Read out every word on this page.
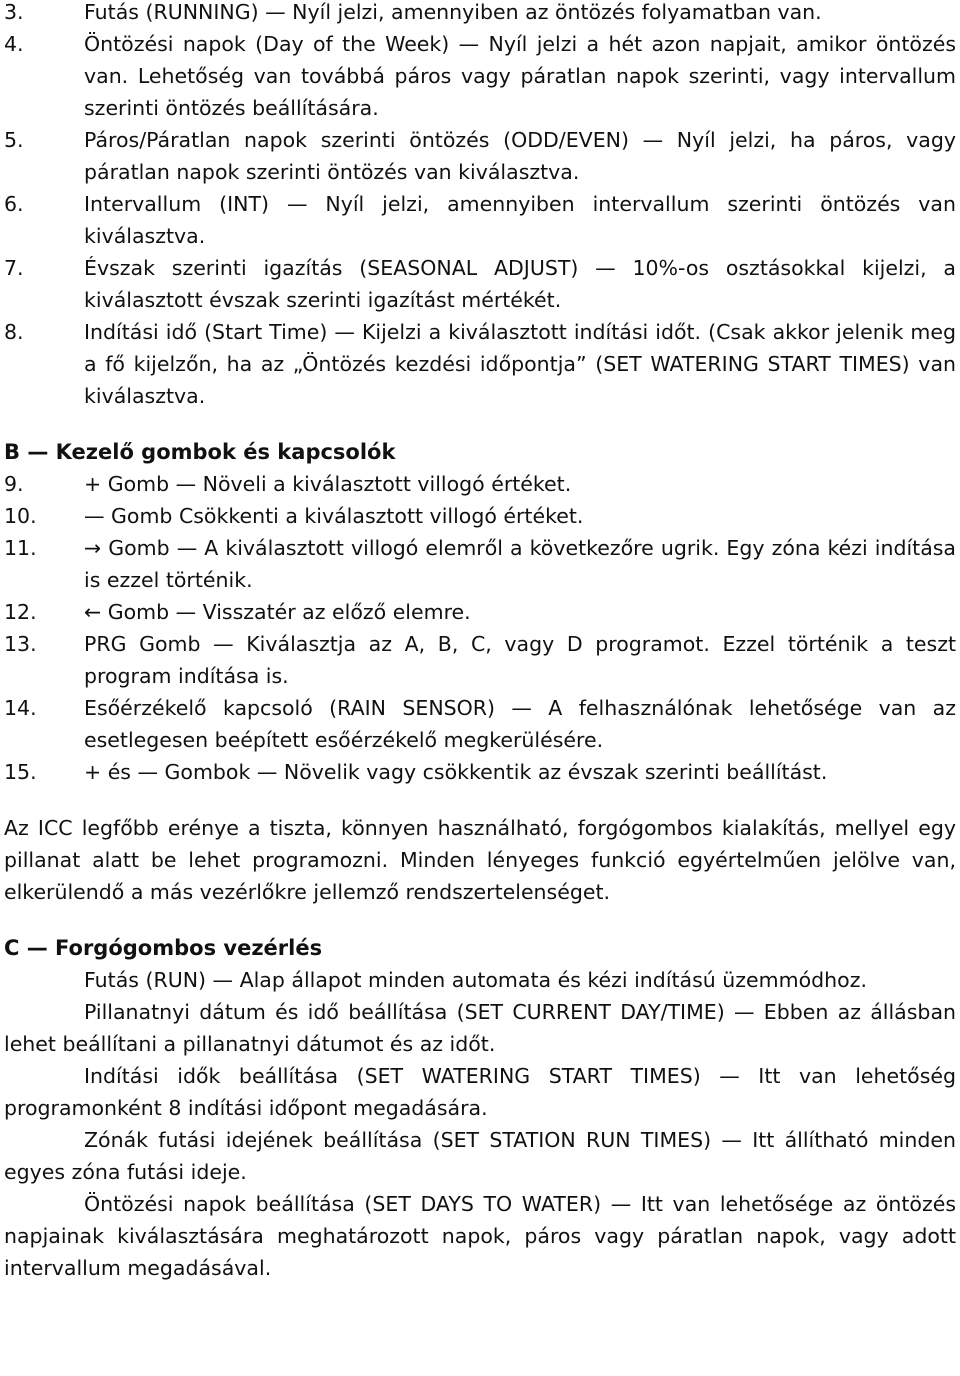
3.	Futás (RUNNING) — Nyíl jelzi, amennyiben az öntözés folyamatban van.
4.	Öntözési napok (Day of the Week) — Nyíl jelzi a hét azon napjait, amikor öntözés van. Lehetőség van továbbá páros vagy páratlan napok szerinti, vagy intervallum szerinti öntözés beállítására.
5.	Páros/Páratlan napok szerinti öntözés (ODD/EVEN) — Nyíl jelzi, ha páros, vagy páratlan napok szerinti öntözés van kiválasztva.
6.	Intervallum (INT) — Nyíl jelzi, amennyiben intervallum szerinti öntözés van kiválasztva.
7.	Évszak szerinti igazítás (SEASONAL ADJUST) — 10%-os osztásokkal kijelzi, a kiválasztott évszak szerinti igazítást mértékét.
8.	Indítási idő (Start Time) — Kijelzi a kiválasztott indítási időt. (Csak akkor jelenik meg a fő kijelzőn, ha az „Öntözés kezdési időpontja” (SET WATERING START TIMES) van kiválasztva.
B — Kezelő gombok és kapcsolók
9.	+ Gomb — Növeli a kiválasztott villogó értéket.
10.	— Gomb Csökkenti a kiválasztott villogó értéket.
11.	→ Gomb — A kiválasztott villogó elemről a következőre ugrik. Egy zóna kézi indítása is ezzel történik.
12.	← Gomb — Visszatér az előző elemre.
13.	PRG Gomb — Kiválasztja az A, B, C, vagy D programot. Ezzel történik a teszt program indítása is.
14.	Esőérzékelő kapcsoló (RAIN SENSOR) — A felhasználónak lehetősége van az esetlegesen beépített esőérzékelő megkerülésére.
15.	+ és — Gombok — Növelik vagy csökkentik az évszak szerinti beállítást.

Az ICC legfőbb erénye a tiszta, könnyen használható, forgógombos kialakítás, mellyel egy pillanat alatt be lehet programozni. Minden lényeges funkció egyértelműen jelölve van, elkerülendő a más vezérlőkre jellemző rendszertelenséget.

C — Forgógombos vezérlés

Futás (RUN) — Alap állapot minden automata és kézi indítású üzemmódhoz.

Pillanatnyi dátum és idő beállítása (SET CURRENT DAY/TIME) — Ebben az állásban lehet beállítani a pillanatnyi dátumot és az időt.

Indítási idők beállítása (SET WATERING START TIMES) — Itt van lehetőség programonként 8 indítási időpont megadására.

Zónák futási idejének beállítása (SET STATION RUN TIMES) — Itt állítható minden egyes zóna futási ideje.

Öntözési napok beállítása (SET DAYS TO WATER) — Itt van lehetősége az öntözés napjainak kiválasztására meghatározott napok, páros vagy páratlan napok, vagy adott intervallum megadásával.
